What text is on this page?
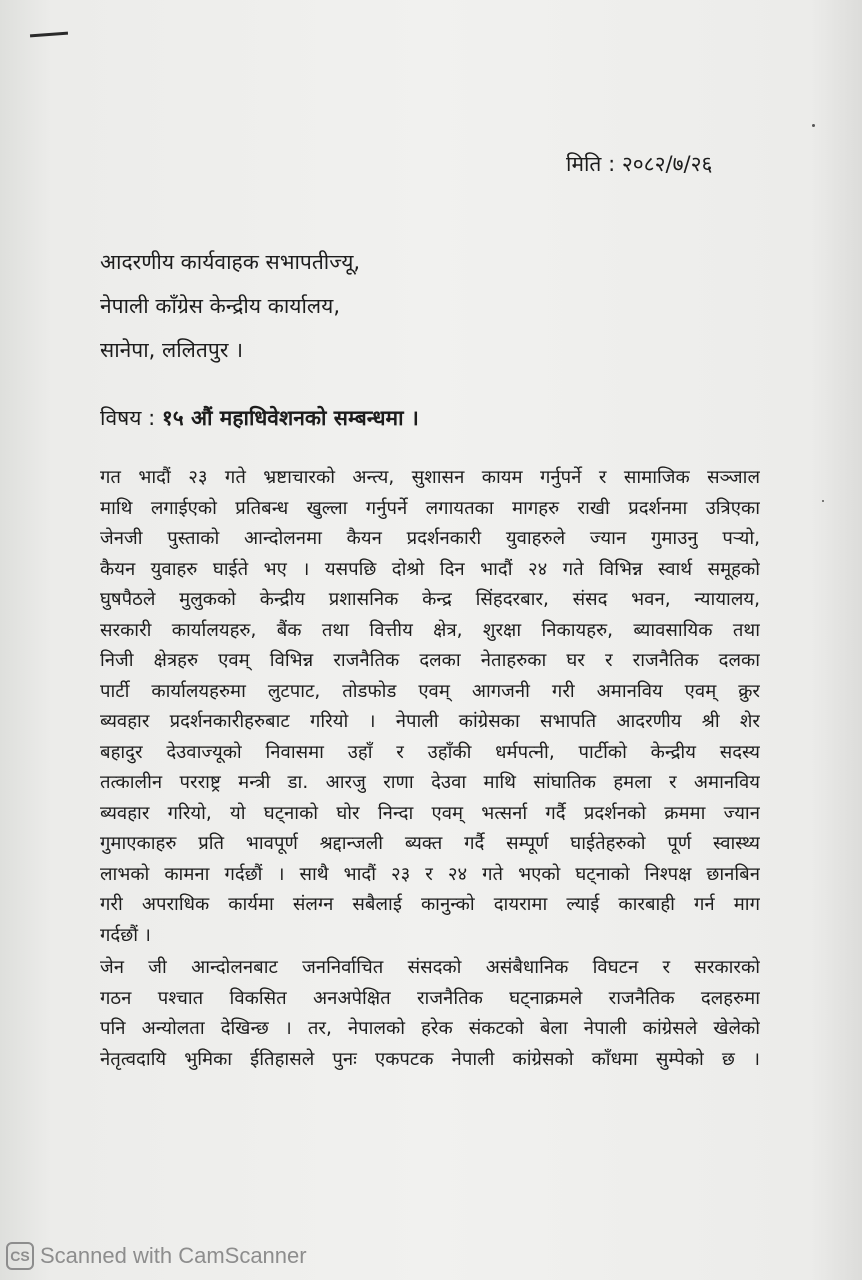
मिति : २०८२/७/२६
आदरणीय कार्यवाहक सभापतीज्यू,
नेपाली काँग्रेस केन्द्रीय कार्यालय,
सानेपा, ललितपुर ।
विषय : १५ औं महाधिवेशनको सम्बन्धमा ।
गत भादौं २३ गते भ्रष्टाचारको अन्त्य, सुशासन कायम गर्नुपर्ने र सामाजिक सञ्जाल
माथि लगाईएको प्रतिबन्ध खुल्ला गर्नुपर्ने लगायतका मागहरु राखी प्रदर्शनमा उत्रिएका
जेनजी पुस्ताको आन्दोलनमा कैयन प्रदर्शनकारी युवाहरुले ज्यान गुमाउनु पर्‍यो,
कैयन युवाहरु घाईते भए । यसपछि दोश्रो दिन भादौं २४ गते विभिन्न स्वार्थ समूहको
घुषपैठले मुलुकको केन्द्रीय प्रशासनिक केन्द्र सिंहदरबार, संसद भवन, न्यायालय,
सरकारी कार्यालयहरु, बैंक तथा वित्तीय क्षेत्र, शुरक्षा निकायहरु, ब्यावसायिक तथा
निजी क्षेत्रहरु एवम् विभिन्न राजनैतिक दलका नेताहरुका घर र राजनैतिक दलका
पार्टी कार्यालयहरुमा लुटपाट, तोडफोड एवम् आगजनी गरी अमानविय एवम् क्रुर
ब्यवहार प्रदर्शनकारीहरुबाट गरियो । नेपाली कांग्रेसका सभापति आदरणीय श्री शेर
बहादुर देउवाज्यूको निवासमा उहाँ र उहाँकी धर्मपत्नी, पार्टीको केन्द्रीय सदस्य
तत्कालीन परराष्ट्र मन्त्री डा. आरजु राणा देउवा माथि सांघातिक हमला र अमानविय
ब्यवहार गरियो, यो घट्नाको घोर निन्दा एवम् भत्सर्ना गर्दै प्रदर्शनको क्रममा ज्यान
गुमाएकाहरु प्रति भावपूर्ण श्रद्दान्जली ब्यक्त गर्दै सम्पूर्ण घाईतेहरुको पूर्ण स्वास्थ्य
लाभको कामना गर्दछौं । साथै भादौं २३ र २४ गते भएको घट्नाको निश्पक्ष छानबिन
गरी अपराधिक कार्यमा संलग्न सबैलाई कानुन्को दायरामा ल्याई कारबाही गर्न माग
गर्दछौं ।
जेन जी आन्दोलनबाट जननिर्वाचित संसदको असंबैधानिक विघटन र सरकारको
गठन पश्चात विकसित अनअपेक्षित राजनैतिक घट्नाक्रमले राजनैतिक दलहरुमा
पनि अन्योलता देखिन्छ । तर, नेपालको हरेक संकटको बेला नेपाली कांग्रेसले खेलेको
नेतृत्वदायि भुमिका ईतिहासले पुनः एकपटक नेपाली कांग्रेसको काँधमा सुम्पेको छ ।
CS Scanned with CamScanner
